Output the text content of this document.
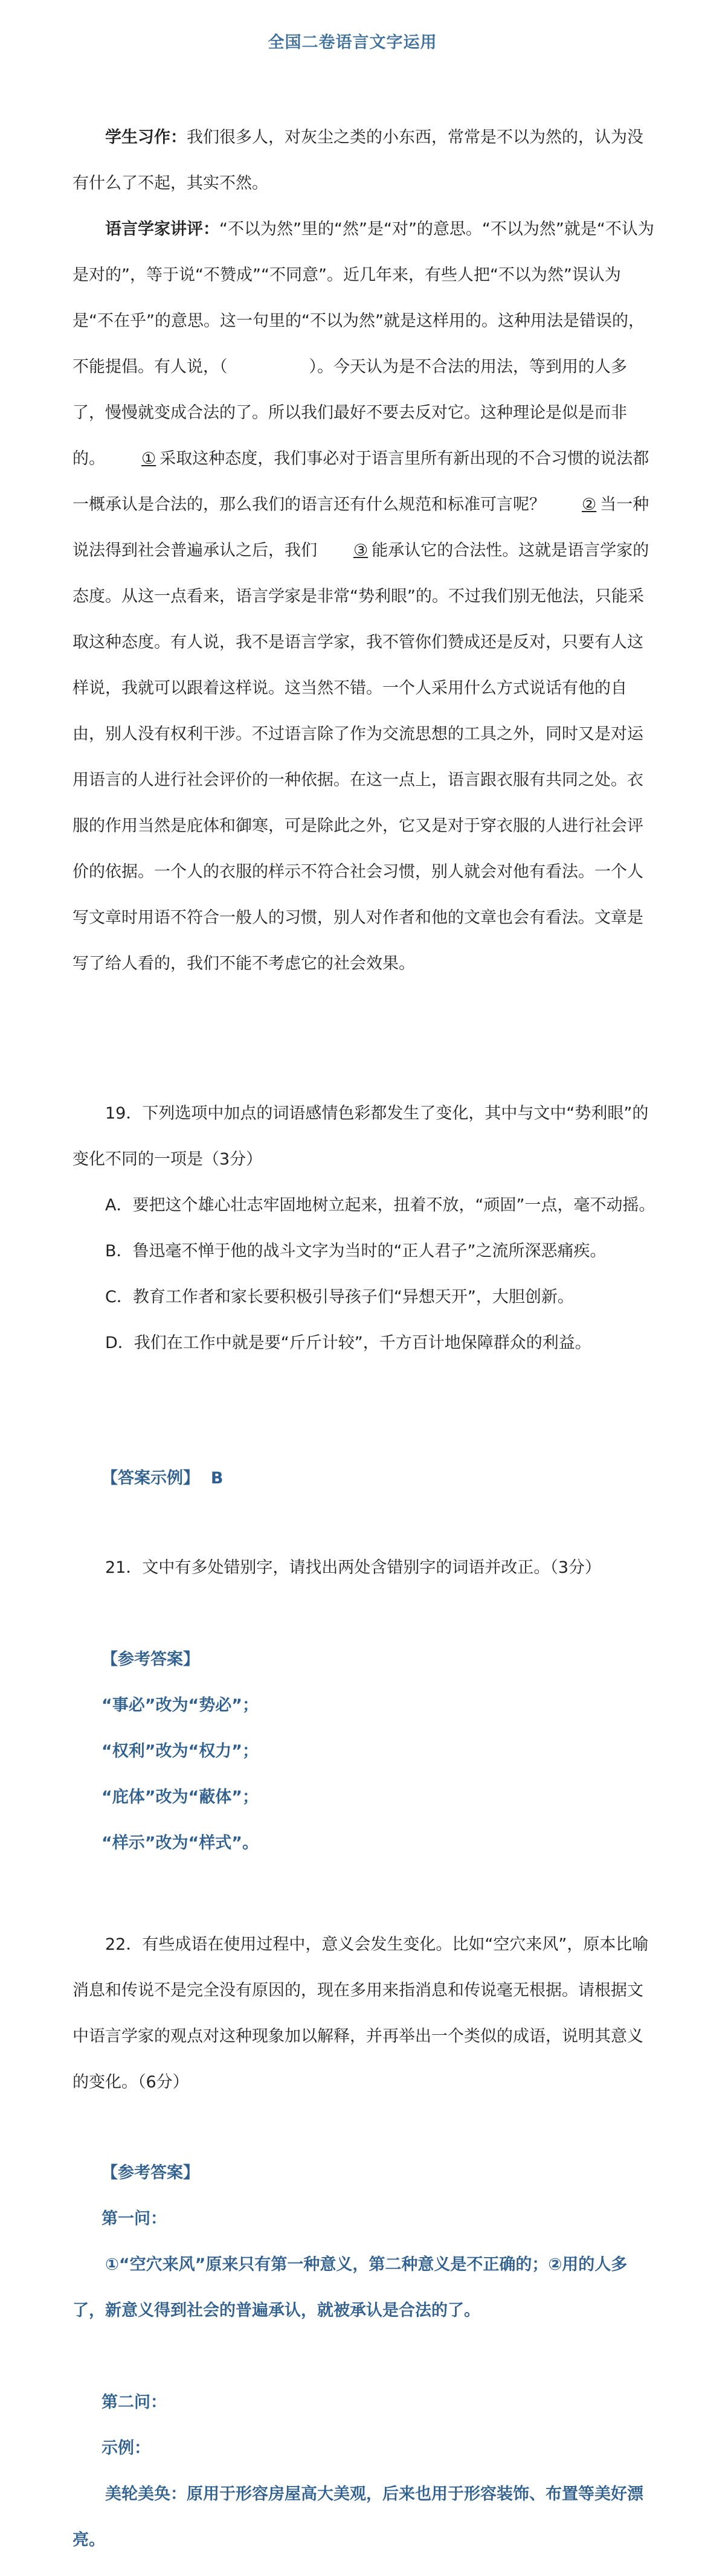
全国二卷语言文字运用

学生习作：我们很多人，对灰尘之类的小东西，常常是不以为然的，认为没有什么了不起，其实不然。

语言学家讲评：“不以为然”里的“然”是“对”的意思。“不以为然”就是“不认为是对的”，等于说“不赞成”“不同意”。近几年来，有些人把“不以为然”误认为是“不在乎”的意思。这一句里的“不以为然”就是这样用的。这种用法是错误的，不能提倡。有人说，（　　　　　）。今天认为是不合法的用法，等到用的人多了，慢慢就变成合法的了。所以我们最好不要去反对它。这种理论是似是而非的。 ① 采取这种态度，我们事必对于语言里所有新出现的不合习惯的说法都一概承认是合法的，那么我们的语言还有什么规范和标准可言呢？ ② 当一种说法得到社会普遍承认之后，我们 ③ 能承认它的合法性。这就是语言学家的态度。从这一点看来，语言学家是非常“势利眼”的。不过我们别无他法，只能采取这种态度。有人说，我不是语言学家，我不管你们赞成还是反对，只要有人这样说，我就可以跟着这样说。这当然不错。一个人采用什么方式说话有他的自由，别人没有权利干涉。不过语言除了作为交流思想的工具之外，同时又是对运用语言的人进行社会评价的一种依据。在这一点上，语言跟衣服有共同之处。衣服的作用当然是庇体和御寒，可是除此之外，它又是对于穿衣服的人进行社会评价的依据。一个人的衣服的样示不符合社会习惯，别人就会对他有看法。一个人写文章时用语不符合一般人的习惯，别人对作者和他的文章也会有看法。文章是写了给人看的，我们不能不考虑它的社会效果。

19．下列选项中加点的词语感情色彩都发生了变化，其中与文中“势利眼”的变化不同的一项是（3分）

A．要把这个雄心壮志牢固地树立起来，扭着不放，“顽固”一点，毫不动摇。

B．鲁迅毫不惮于他的战斗文字为当时的“正人君子”之流所深恶痛疾。

C．教育工作者和家长要积极引导孩子们“异想天开”，大胆创新。

D．我们在工作中就是要“斤斤计较”，千方百计地保障群众的利益。

【答案示例】 B

21．文中有多处错别字，请找出两处含错别字的词语并改正。（3分）

【参考答案】

“事必”改为“势必”；

“权利”改为“权力”；

“庇体”改为“蔽体”；

“样示”改为“样式”。

22．有些成语在使用过程中，意义会发生变化。比如“空穴来风”，原本比喻消息和传说不是完全没有原因的，现在多用来指消息和传说毫无根据。请根据文中语言学家的观点对这种现象加以解释，并再举出一个类似的成语，说明其意义的变化。（6分）

【参考答案】

第一问：

①“空穴来风”原来只有第一种意义，第二种意义是不正确的；②用的人多了，新意义得到社会的普遍承认，就被承认是合法的了。

第二问：

示例：

美轮美奂：原用于形容房屋高大美观，后来也用于形容装饰、布置等美好漂亮。
